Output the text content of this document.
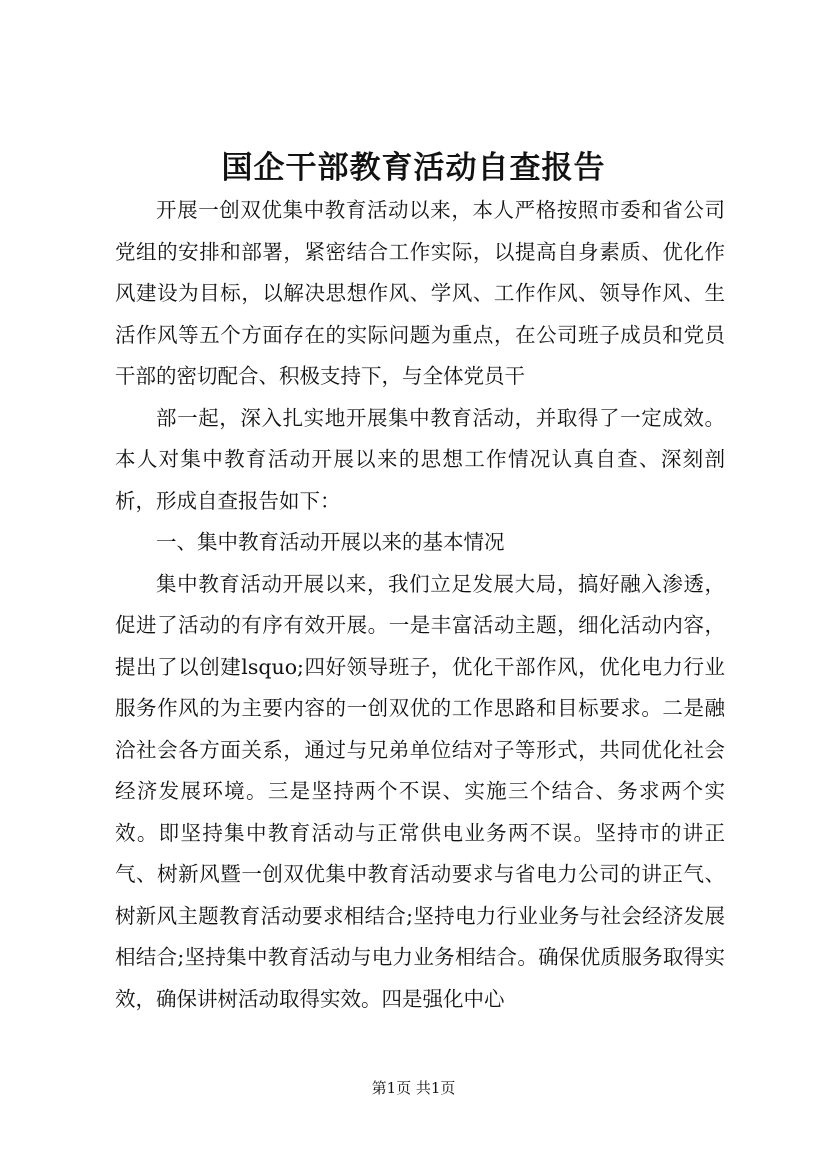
国企干部教育活动自查报告

开展一创双优集中教育活动以来，本人严格按照市委和省公司党组的安排和部署，紧密结合工作实际，以提高自身素质、优化作风建设为目标，以解决思想作风、学风、工作作风、领导作风、生活作风等五个方面存在的实际问题为重点，在公司班子成员和党员干部的密切配合、积极支持下，与全体党员干

部一起，深入扎实地开展集中教育活动，并取得了一定成效。本人对集中教育活动开展以来的思想工作情况认真自查、深刻剖析，形成自查报告如下：

一、集中教育活动开展以来的基本情况

集中教育活动开展以来，我们立足发展大局，搞好融入渗透，促进了活动的有序有效开展。一是丰富活动主题，细化活动内容，提出了以创建lsquo;四好领导班子，优化干部作风，优化电力行业服务作风的为主要内容的一创双优的工作思路和目标要求。二是融洽社会各方面关系，通过与兄弟单位结对子等形式，共同优化社会经济发展环境。三是坚持两个不误、实施三个结合、务求两个实效。即坚持集中教育活动与正常供电业务两不误。坚持市的讲正气、树新风暨一创双优集中教育活动要求与省电力公司的讲正气、树新风主题教育活动要求相结合;坚持电力行业业务与社会经济发展相结合;坚持集中教育活动与电力业务相结合。确保优质服务取得实效，确保讲树活动取得实效。四是强化中心

第1页 共1页
